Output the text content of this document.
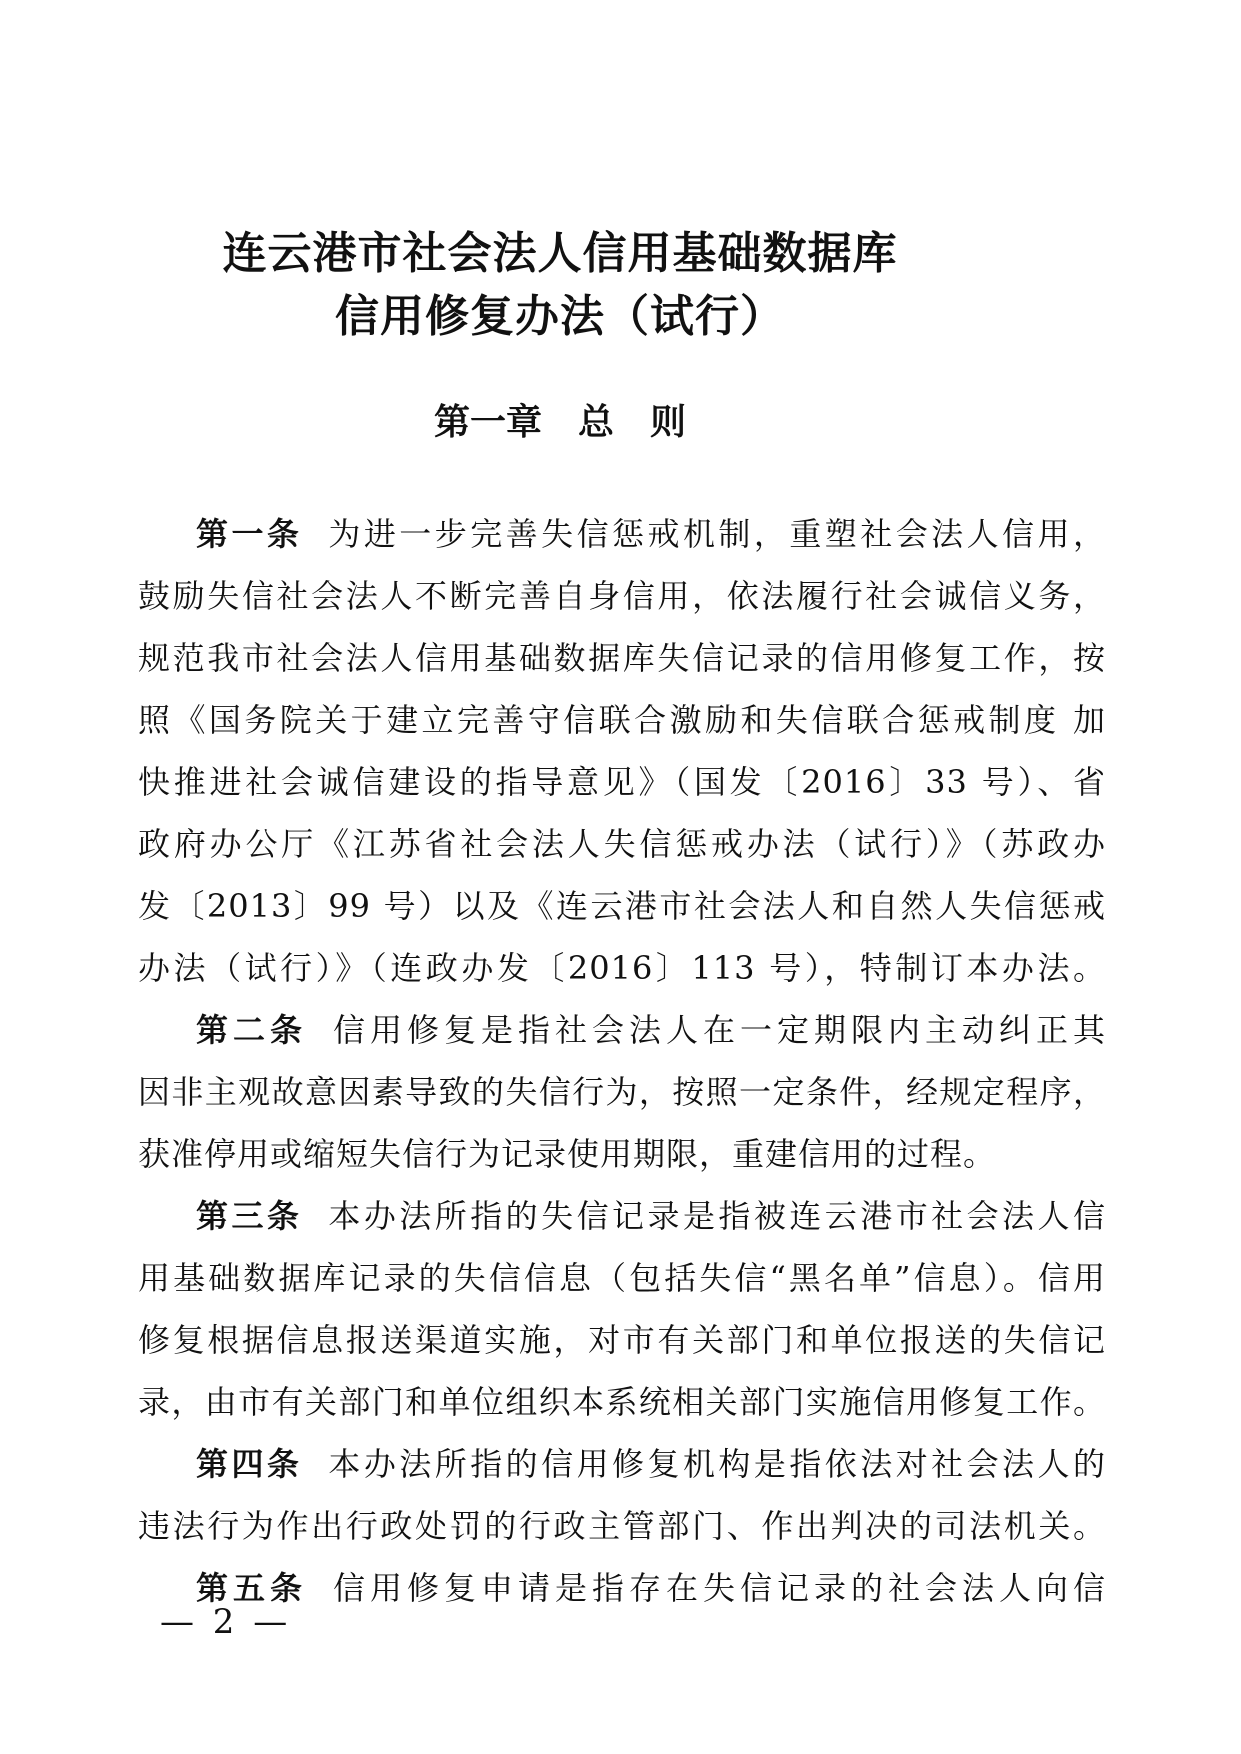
连云港市社会法人信用基础数据库
信用修复办法（试行）
第一章　总　则
第一条 为进一步完善失信惩戒机制，重塑社会法人信用，
鼓励失信社会法人不断完善自身信用，依法履行社会诚信义务，
规范我市社会法人信用基础数据库失信记录的信用修复工作，按
照《国务院关于建立完善守信联合激励和失信联合惩戒制度 加
快推进社会诚信建设的指导意见》（国发〔2016〕33 号）、省
政府办公厅《江苏省社会法人失信惩戒办法（试行）》（苏政办
发〔2013〕99 号）以及《连云港市社会法人和自然人失信惩戒
办法（试行）》（连政办发〔2016〕113 号），特制订本办法。
第二条 信用修复是指社会法人在一定期限内主动纠正其
因非主观故意因素导致的失信行为，按照一定条件，经规定程序，
获准停用或缩短失信行为记录使用期限，重建信用的过程。
第三条 本办法所指的失信记录是指被连云港市社会法人信
用基础数据库记录的失信信息（包括失信“黑名单”信息）。信用
修复根据信息报送渠道实施，对市有关部门和单位报送的失信记
录，由市有关部门和单位组织本系统相关部门实施信用修复工作。
第四条 本办法所指的信用修复机构是指依法对社会法人的
违法行为作出行政处罚的行政主管部门、作出判决的司法机关。
第五条 信用修复申请是指存在失信记录的社会法人向信
— 2 —
